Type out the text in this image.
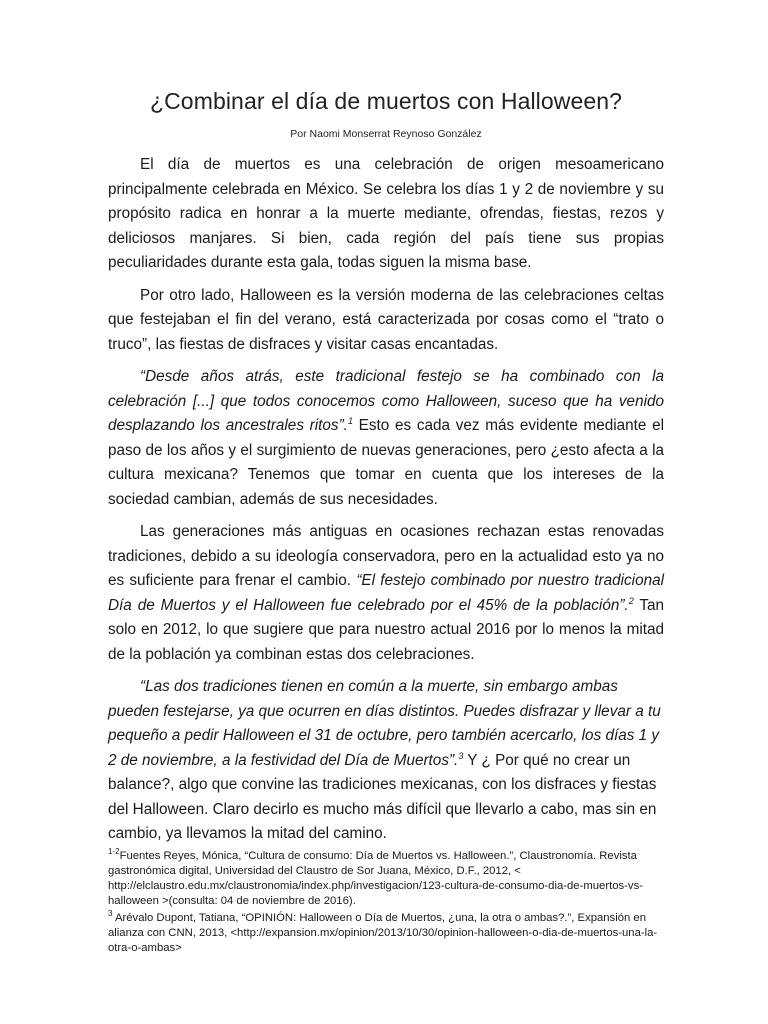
¿Combinar el día de muertos con Halloween?

Por Naomi Monserrat Reynoso González

El día de muertos es una celebración de origen mesoamericano principalmente celebrada en México. Se celebra los días 1 y 2 de noviembre y su propósito radica en honrar a la muerte mediante, ofrendas, fiestas, rezos y deliciosos manjares. Si bien, cada región del país tiene sus propias peculiaridades durante esta gala, todas siguen la misma base.

Por otro lado, Halloween es la versión moderna de las celebraciones celtas que festejaban el fin del verano, está caracterizada por cosas como el “trato o truco”, las fiestas de disfraces y visitar casas encantadas.

“Desde años atrás, este tradicional festejo se ha combinado con la celebración [...] que todos conocemos como Halloween, suceso que ha venido desplazando los ancestrales ritos”.$^1$ Esto es cada vez más evidente mediante el paso de los años y el surgimiento de nuevas generaciones, pero ¿esto afecta a la cultura mexicana? Tenemos que tomar en cuenta que los intereses de la sociedad cambian, además de sus necesidades.

Las generaciones más antiguas en ocasiones rechazan estas renovadas tradiciones, debido a su ideología conservadora, pero en la actualidad esto ya no es suficiente para frenar el cambio. “El festejo combinado por nuestro tradicional Día de Muertos y el Halloween fue celebrado por el 45% de la población”.$^2$ Tan solo en 2012, lo que sugiere que para nuestro actual 2016 por lo menos la mitad de la población ya combinan estas dos celebraciones.

“Las dos tradiciones tienen en común a la muerte, sin embargo ambas pueden festejarse, ya que ocurren en días distintos. Puedes disfrazar y llevar a tu pequeño a pedir Halloween el 31 de octubre, pero también acercarlo, los días 1 y 2 de noviembre, a la festividad del Día de Muertos”.$^3$ Y ¿ Por qué no crear un balance?, algo que convine las tradiciones mexicanas, con los disfraces y fiestas del Halloween. Claro decirlo es mucho más difícil que llevarlo a cabo, mas sin en cambio, ya llevamos la mitad del camino.

$^{1-2}$Fuentes Reyes, Mónica, “Cultura de consumo: Día de Muertos vs. Halloween.”, Claustronomía. Revista gastronómica digital, Universidad del Claustro de Sor Juana, México, D.F., 2012, < http://elclaustro.edu.mx/claustronomia/index.php/investigacion/123-cultura-de-consumo-dia-de-muertos-vs-halloween >(consulta: 04 de noviembre de 2016).

$^3$ Arévalo Dupont, Tatiana, “OPINIÓN: Halloween o Día de Muertos, ¿una, la otra o ambas?.”, Expansión en alianza con CNN, 2013, <http://expansion.mx/opinion/2013/10/30/opinion-halloween-o-dia-de-muertos-una-la-otra-o-ambas>
